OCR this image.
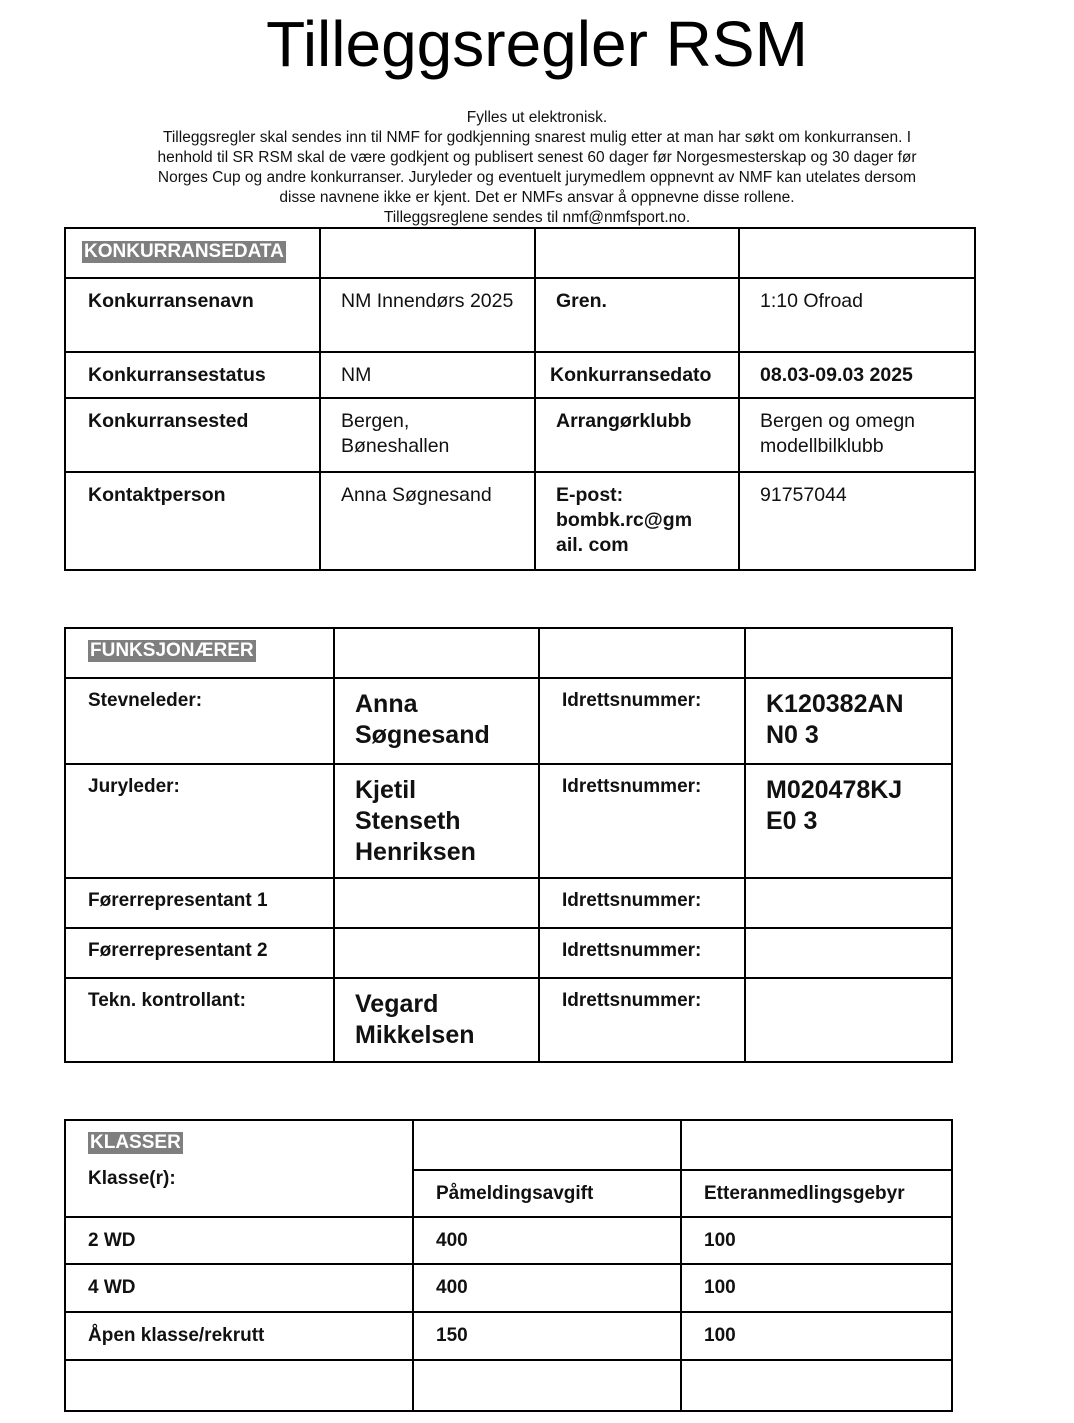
Tilleggsregler RSM
Fylles ut elektronisk.
Tilleggsregler skal sendes inn til NMF for godkjenning snarest mulig etter at man har søkt om konkurransen. I
henhold til SR RSM skal de være godkjent og publisert senest 60 dager før Norgesmesterskap og 30 dager før
Norges Cup og andre konkurranser. Juryleder og eventuelt jurymedlem oppnevnt av NMF kan utelates dersom
disse navnene ikke er kjent. Det er NMFs ansvar å oppnevne disse rollene.
Tilleggsreglene sendes til nmf@nmfsport.no.
KONKURRANSEDATA			
Konkurransenavn	NM Innendørs 2025	Gren.	1:10 Ofroad
Konkurransestatus	NM	Konkurransedato	08.03-09.03 2025
Konkurransested	Bergen, Bøneshallen	Arrangørklubb	Bergen og omegn modellbilklubb
Kontaktperson	Anna Søgnesand	E-post: bombk.rc@gm ail. com	91757044
FUNKSJONÆRER			
Stevneleder:	Anna Søgnesand	Idrettsnummer:	K120382AN N0 3
Juryleder:	Kjetil Stenseth Henriksen	Idrettsnummer:	M020478KJ E0 3
Førerrepresentant 1		Idrettsnummer:	
Førerrepresentant 2		Idrettsnummer:	
Tekn. kontrollant:	Vegard Mikkelsen	Idrettsnummer:	
KLASSER
Klasse(r):		

	Påmeldingsavgift	Etteranmedlingsgebyr
2 WD	400	100
4 WD	400	100
Åpen klasse/rekrutt	150	100
